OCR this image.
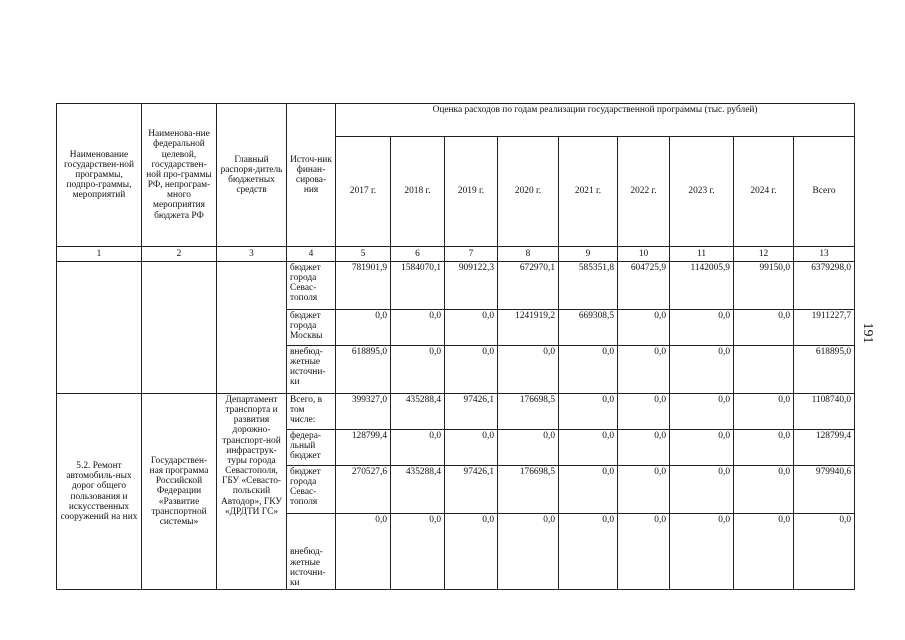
191
Наименование государствен-ной программы, подпро-граммы, мероприятий	Наименова-ние федеральной целевой, государствен-ной про-граммы РФ, непрограм-много мероприятия бюджета РФ	Главный распоря-дитель бюджетных средств	Источ-ник финан-сирова-ния	Оценка расходов по годам реализации государственной программы (тыс. рублей)								
				2017 г.	2018 г.	2019 г.	2020 г.	2021 г.	2022 г.	2023 г.	2024 г.	Всего
1	2	3	4	5	6	7	8	9	10	11	12	13
			бюджет города Севас-тополя	781901,9	1584070,1	909122,3	672970,1	585351,8	604725,9	1142005,9	99150,0	6379298,0
			бюджет города Москвы	0,0	0,0	0,0	1241919,2	669308,5	0,0	0,0	0,0	1911227,7
			внебюд-жетные источни-ки	618895,0	0,0	0,0	0,0	0,0	0,0	0,0		618895,0
5.2. Ремонт автомобиль-ных дорог общего пользования и искусственных сооружений на них	Государствен-ная программа Российской Федерации «Развитие транспортной системы»	Департамент транспорта и развития дорожно-транспорт-ной инфраструк-туры города Севастополя, ГБУ «Севасто-польский Автодор», ГКУ «ДРДТИ ГС»	Всего, в том числе:	399327,0	435288,4	97426,1	176698,5	0,0	0,0	0,0	0,0	1108740,0
			федера-льный бюджет	128799,4	0,0	0,0	0,0	0,0	0,0	0,0	0,0	128799,4
			бюджет города Севас-тополя	270527,6	435288,4	97426,1	176698,5	0,0	0,0	0,0	0,0	979940,6
			внебюд-жетные источни-ки	0,0	0,0	0,0	0,0	0,0	0,0	0,0	0,0	0,0
